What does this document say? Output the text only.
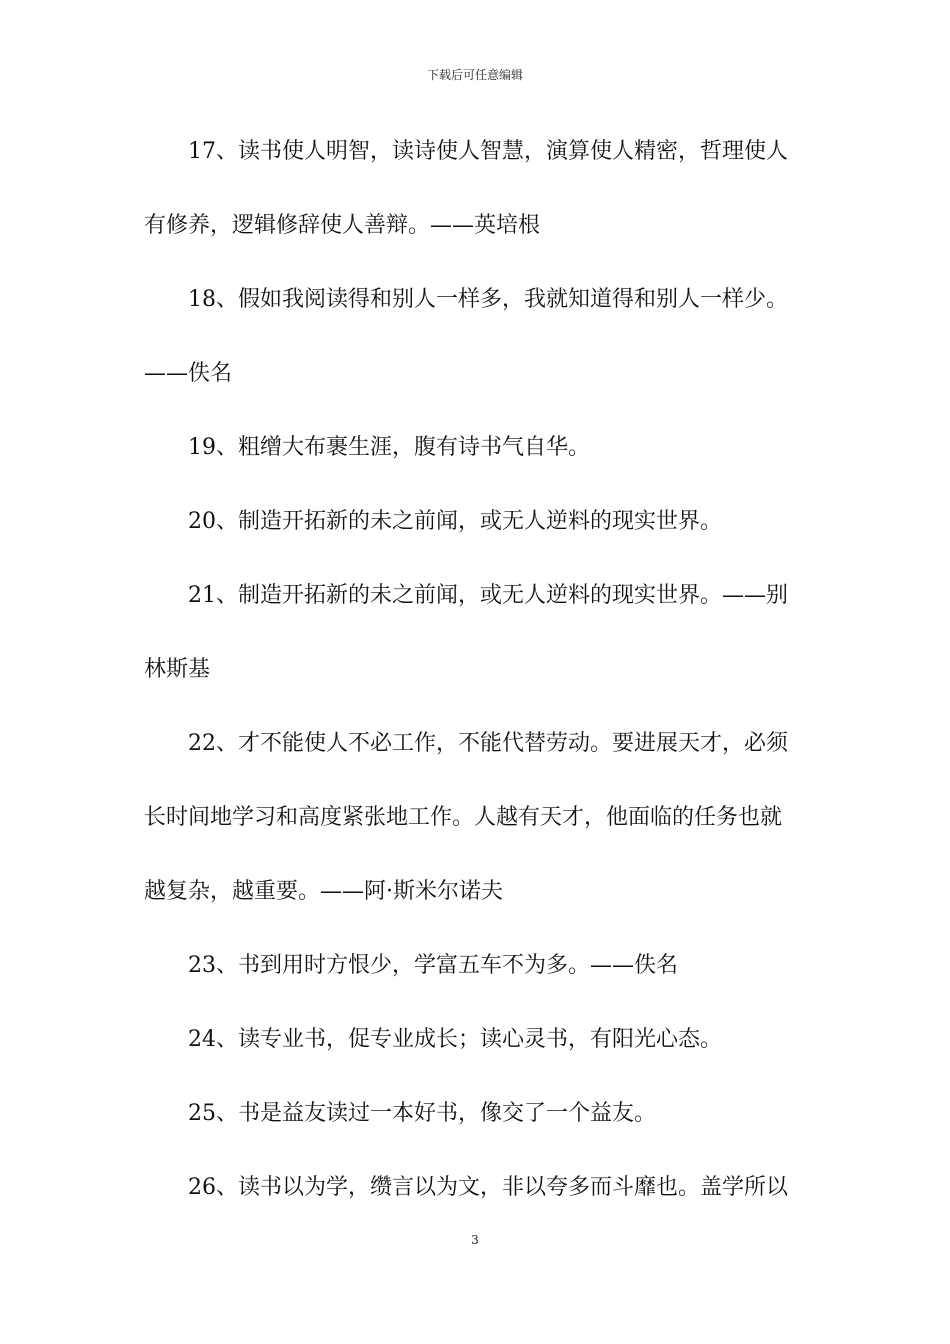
下载后可任意编辑
17、读书使人明智，读诗使人智慧，演算使人精密，哲理使人
有修养，逻辑修辞使人善辩。——英培根
18、假如我阅读得和别人一样多，我就知道得和别人一样少。
——佚名
19、粗缯大布裹生涯，腹有诗书气自华。
20、制造开拓新的未之前闻，或无人逆料的现实世界。
21、制造开拓新的未之前闻，或无人逆料的现实世界。——别
林斯基
22、才不能使人不必工作，不能代替劳动。要进展天才，必须
长时间地学习和高度紧张地工作。人越有天才，他面临的任务也就
越复杂，越重要。——阿·斯米尔诺夫
23、书到用时方恨少，学富五车不为多。——佚名
24、读专业书，促专业成长；读心灵书，有阳光心态。
25、书是益友读过一本好书，像交了一个益友。
26、读书以为学，缵言以为文，非以夸多而斗靡也。盖学所以
3
